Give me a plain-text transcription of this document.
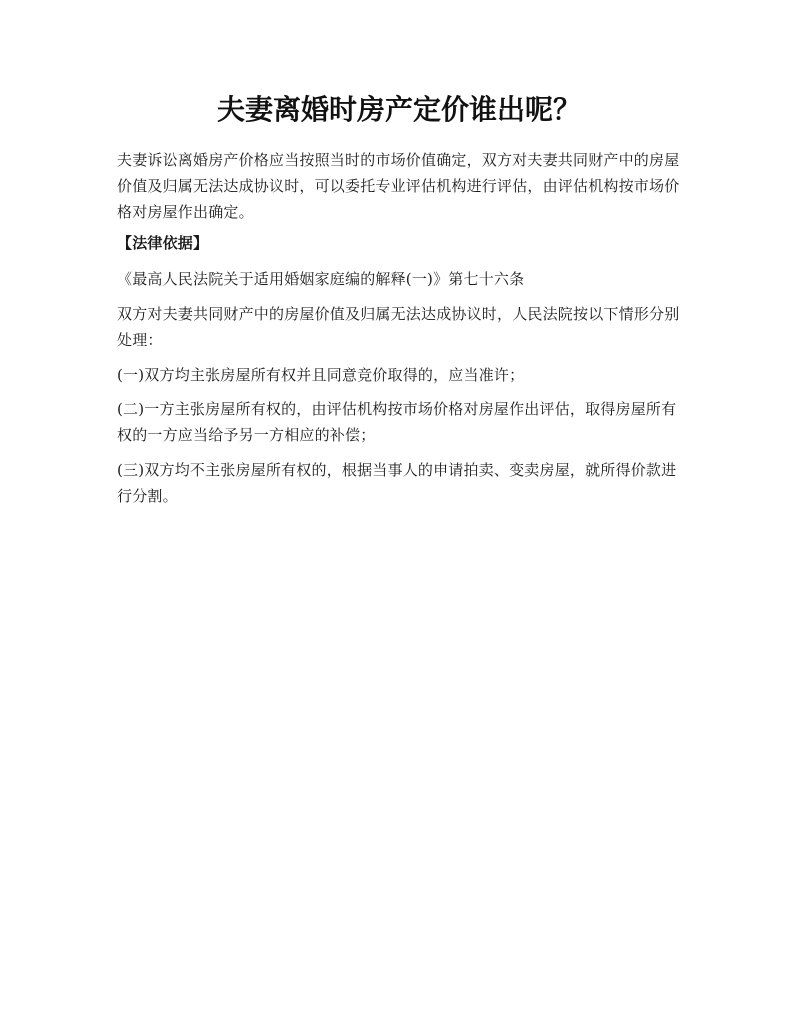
夫妻离婚时房产定价谁出呢？

夫妻诉讼离婚房产价格应当按照当时的市场价值确定，双方对夫妻共同财产中的房屋价值及归属无法达成协议时，可以委托专业评估机构进行评估，由评估机构按市场价格对房屋作出确定。

【法律依据】

《最高人民法院关于适用婚姻家庭编的解释(一)》第七十六条

双方对夫妻共同财产中的房屋价值及归属无法达成协议时，人民法院按以下情形分别处理：

(一)双方均主张房屋所有权并且同意竞价取得的，应当准许；

(二)一方主张房屋所有权的，由评估机构按市场价格对房屋作出评估，取得房屋所有权的一方应当给予另一方相应的补偿；

(三)双方均不主张房屋所有权的，根据当事人的申请拍卖、变卖房屋，就所得价款进行分割。
